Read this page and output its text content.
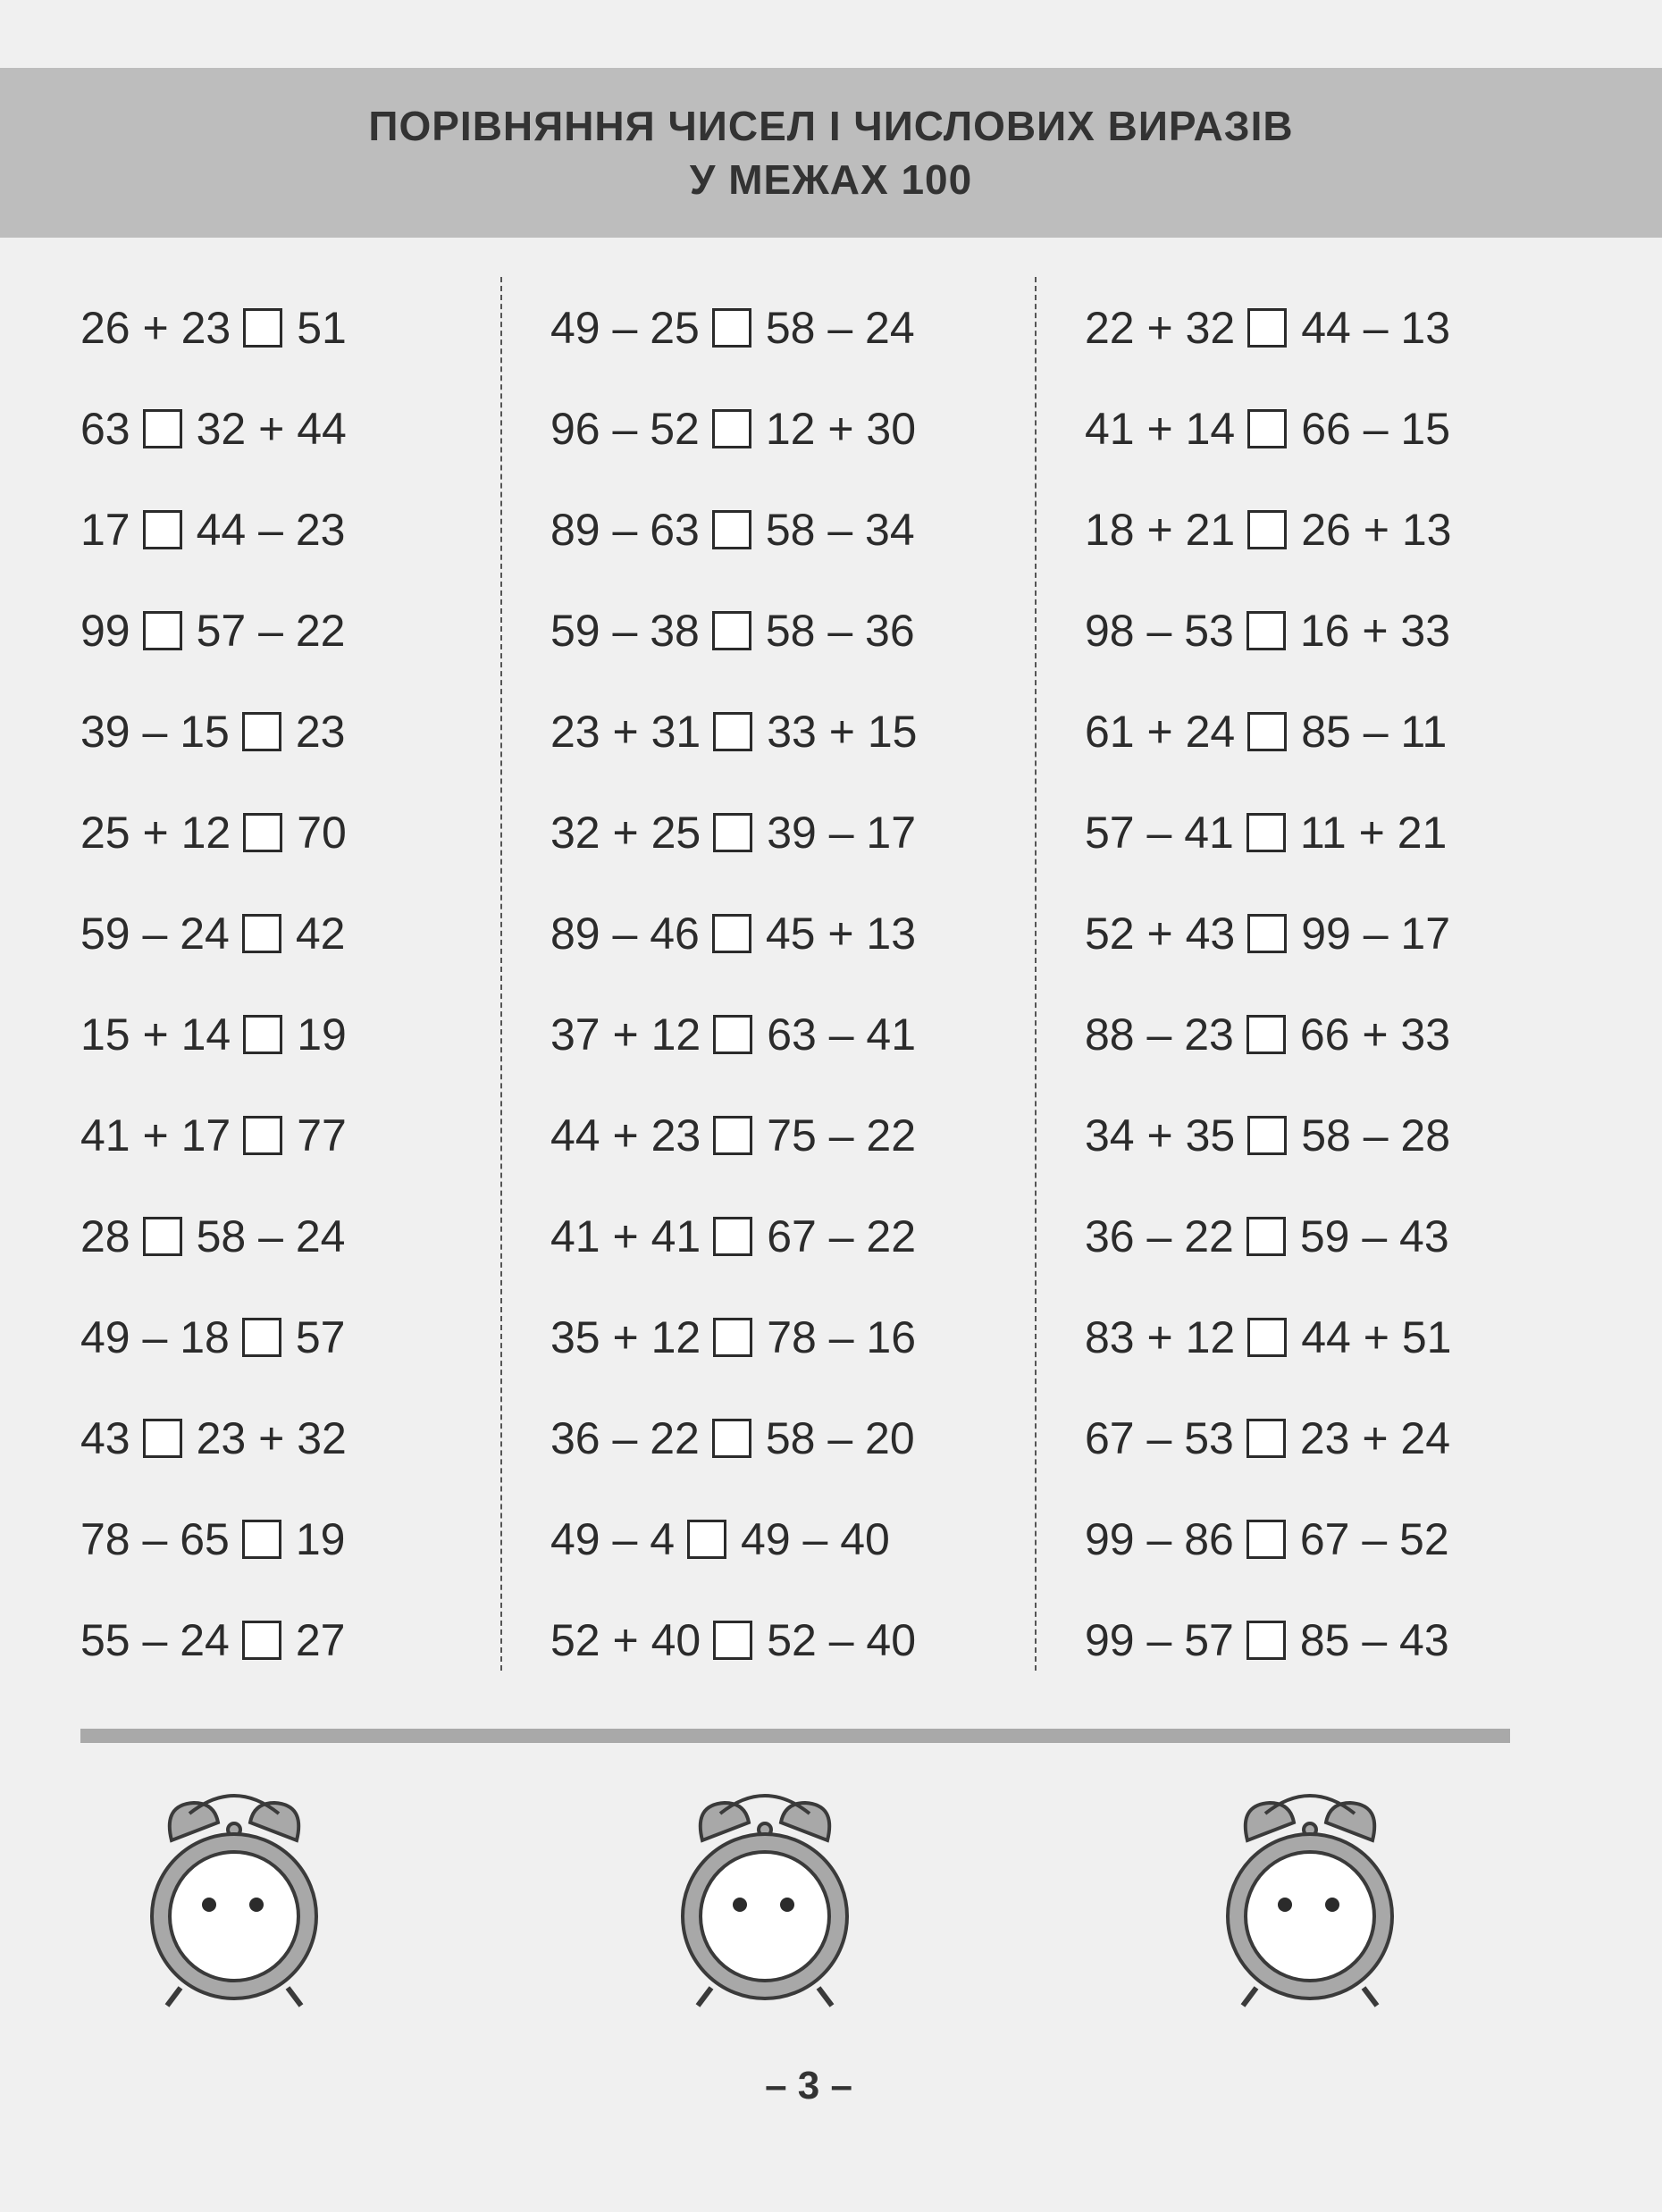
ПОРІВНЯННЯ ЧИСЕЛ І ЧИСЛОВИХ ВИРАЗІВ
У МЕЖАХ 100
26 + 23 51
63 32 + 44
17 44 – 23
99 57 – 22
39 – 15 23
25 + 12 70
59 – 24 42
15 + 14 19
41 + 17 77
28 58 – 24
49 – 18 57
43 23 + 32
78 – 65 19
55 – 24 27
49 – 25 58 – 24
96 – 52 12 + 30
89 – 63 58 – 34
59 – 38 58 – 36
23 + 31 33 + 15
32 + 25 39 – 17
89 – 46 45 + 13
37 + 12 63 – 41
44 + 23 75 – 22
41 + 41 67 – 22
35 + 12 78 – 16
36 – 22 58 – 20
49 – 4 49 – 40
52 + 40 52 – 40
22 + 32 44 – 13
41 + 14 66 – 15
18 + 21 26 + 13
98 – 53 16 + 33
61 + 24 85 – 11
57 – 41 11 + 21
52 + 43 99 – 17
88 – 23 66 + 33
34 + 35 58 – 28
36 – 22 59 – 43
83 + 12 44 + 51
67 – 53 23 + 24
99 – 86 67 – 52
99 – 57 85 – 43
– 3 –
